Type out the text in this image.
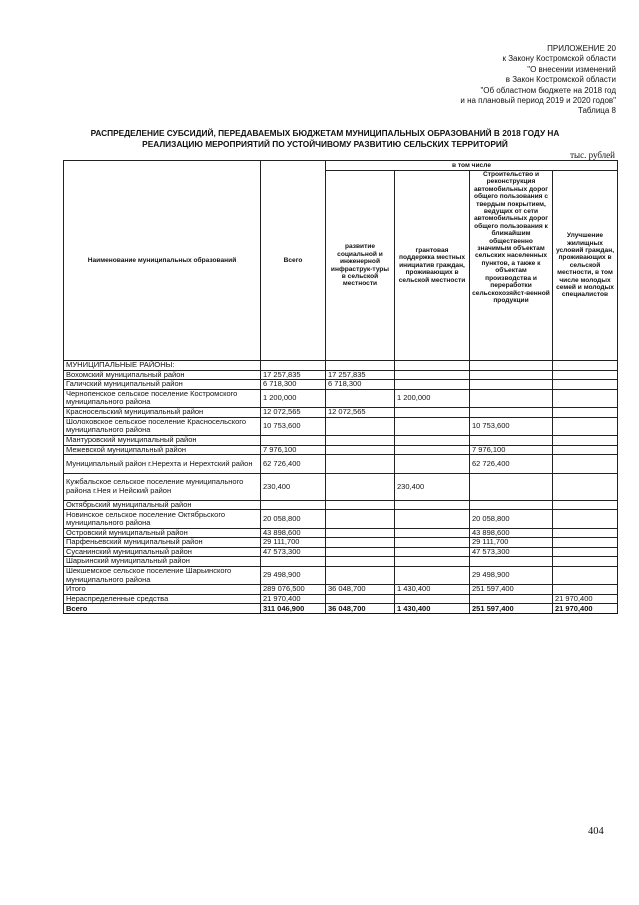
ПРИЛОЖЕНИЕ 20
к Закону Костромской области
"О внесении изменений
в Закон Костромской области
"Об областном бюджете на 2018 год
и на плановый период 2019 и 2020 годов"
Таблица 8
РАСПРЕДЕЛЕНИЕ СУБСИДИЙ, ПЕРЕДАВАЕМЫХ БЮДЖЕТАМ МУНИЦИПАЛЬНЫХ ОБРАЗОВАНИЙ В 2018 ГОДУ НА
РЕАЛИЗАЦИЮ МЕРОПРИЯТИЙ ПО УСТОЙЧИВОМУ РАЗВИТИЮ СЕЛЬСКИХ ТЕРРИТОРИЙ
тыс. рублей
Наименование муниципальных образований	Всего	в том числе			
		развитие социальной и инженерной инфраструк-туры в сельской местности	грантовая поддержка местных инициатив граждан, проживающих в сельской местности	Строительство и реконструкция автомобильных дорог общего пользования с твердым покрытием, ведущих от сети автомобильных дорог общего пользования к ближайшим общественно значимым объектам сельских населенных пунктов, а также к объектам производства и переработки сельскохозяйст-венной продукции	Улучшение жилищных условий граждан, проживающих в сельской местности, в том числе молодых семей и молодых специалистов
МУНИЦИПАЛЬНЫЕ РАЙОНЫ:					
Вохомский муниципальный район	17 257,835	17 257,835			
Галичский муниципальный район	6 718,300	6 718,300			
Чернопенское сельское поселение Костромского муниципального района	1 200,000		1 200,000		
Красносельский муниципальный район	12 072,565	12 072,565			
Шолоховское сельское поселение Красносельского муниципального района	10 753,600			10 753,600	
Мантуровский муниципальный район					
Межевской муниципальный район	7 976,100			7 976,100	
Муниципальный район г.Нерехта и Нерехтский район	62 726,400			62 726,400	
Кужбальское сельское поселение муниципального района г.Нея и Нейский район	230,400		230,400		
Октябрьский муниципальный район					
Новинское сельское поселение Октябрьского муниципального района	20 058,800			20 058,800	
Островский муниципальный район	43 898,600			43 898,600	
Парфеньевский муниципальный район	29 111,700			29 111,700	
Сусанинский муниципальный район	47 573,300			47 573,300	
Шарьинский муниципальный район					
Шекшемское сельское поселение Шарьинского муниципального района	29 498,900			29 498,900	
Итого	289 076,500	36 048,700	1 430,400	251 597,400	
Нераспределенные средства	21 970,400				21 970,400
Всего	311 046,900	36 048,700	1 430,400	251 597,400	21 970,400
404
